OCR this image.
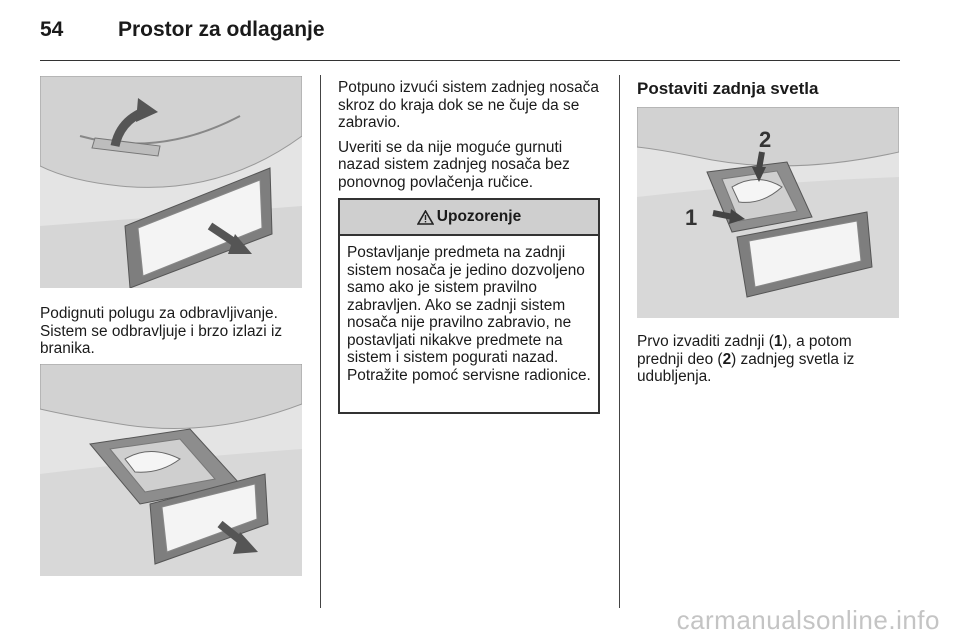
54	Prostor za odlaganje
Podignuti polugu za odbravljivanje. Sistem se odbravljuje i brzo izlazi iz branika.

Potpuno izvući sistem zadnjeg nosača skroz do kraja dok se ne čuje da se zabravio.

Uveriti se da nije moguće gurnuti nazad sistem zadnjeg nosača bez ponovnog povlačenja ručice.

Upozorenje
Postavljanje predmeta na zadnji sistem nosača je jedino dozvoljeno samo ako je sistem pravilno zabravljen. Ako se zadnji sistem nosača nije pravilno zabravio, ne postavljati nikakve predmete na sistem i sistem pogurati nazad. Potražite pomoć servisne radionice.
Postaviti zadnja svetla
1
2
Prvo izvaditi zadnji (1), a potom prednji deo (2) zadnjeg svetla iz udubljenja.
carmanualsonline.info
